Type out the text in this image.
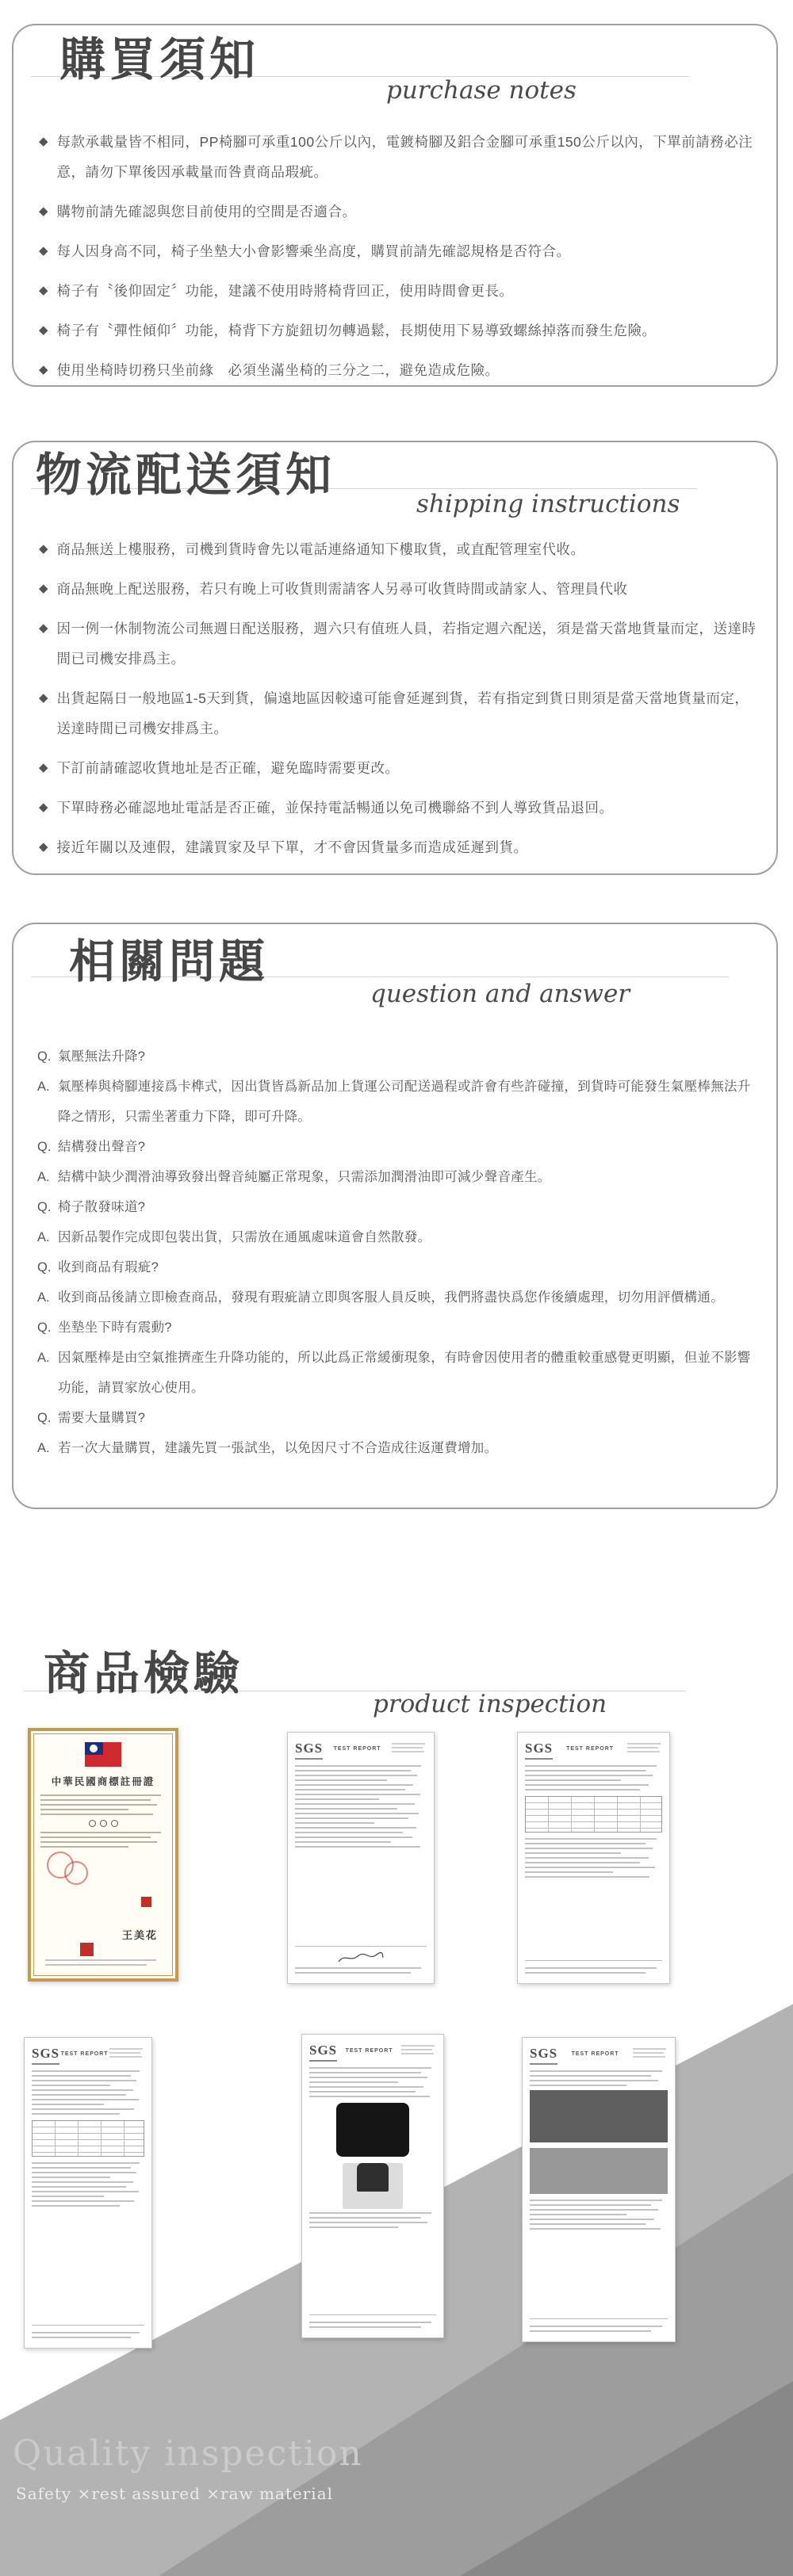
購買須知
purchase notes
◆ 每款承載量皆不相同，PP椅腳可承重100公斤以內，電鍍椅腳及鋁合金腳可承重150公斤以內，下單前請務必注意，請勿下單後因承載量而咎責商品瑕疵。
◆ 購物前請先確認與您目前使用的空間是否適合。
◆ 每人因身高不同，椅子坐墊大小會影響乘坐高度，購買前請先確認規格是否符合。
◆ 椅子有〝後仰固定〞功能，建議不使用時將椅背回正，使用時間會更長。
◆ 椅子有〝彈性傾仰〞功能，椅背下方旋鈕切勿轉過鬆，長期使用下易導致螺絲掉落而發生危險。
◆ 使用坐椅時切務只坐前緣　必須坐滿坐椅的三分之二，避免造成危險。
物流配送須知
shipping instructions
◆ 商品無送上樓服務，司機到貨時會先以電話連絡通知下樓取貨，或直配管理室代收。
◆ 商品無晚上配送服務，若只有晚上可收貨則需請客人另尋可收貨時間或請家人、管理員代收
◆ 因一例一休制物流公司無週日配送服務，週六只有值班人員，若指定週六配送，須是當天當地貨量而定，送達時間已司機安排爲主。
◆ 出貨起隔日一般地區1-5天到貨，偏遠地區因較遠可能會延遲到貨，若有指定到貨日則須是當天當地貨量而定，送達時間已司機安排爲主。
◆ 下訂前請確認收貨地址是否正確，避免臨時需要更改。
◆ 下單時務必確認地址電話是否正確，並保持電話暢通以免司機聯絡不到人導致貨品退回。
◆ 接近年關以及連假，建議買家及早下單，才不會因貨量多而造成延遲到貨。
相關問題
question and answer
Q. 氣壓無法升降?
A. 氣壓棒與椅腳連接爲卡榫式，因出貨皆爲新品加上貨運公司配送過程或許會有些許碰撞，到貨時可能發生氣壓棒無法升降之情形，只需坐著重力下降，即可升降。
Q. 結構發出聲音?
A. 結構中缺少潤滑油導致發出聲音純屬正常現象，只需添加潤滑油即可減少聲音產生。
Q. 椅子散發味道?
A. 因新品製作完成即包裝出貨，只需放在通風處味道會自然散發。
Q. 收到商品有瑕疵?
A. 收到商品後請立即檢查商品，發現有瑕疵請立即與客服人員反映，我們將盡快爲您作後續處理，切勿用評價構通。
Q. 坐墊坐下時有震動?
A. 因氣壓棒是由空氣推擠產生升降功能的，所以此爲正常緩衝現象，有時會因使用者的體重較重感覺更明顯，但並不影響功能，請買家放心使用。
Q. 需要大量購買?
A. 若一次大量購買，建議先買一張試坐，以免因尺寸不合造成往返運費增加。
商品檢驗
product inspection
中華民國商標註冊證
王美花
SGS TEST REPORT	SGS TEST REPORT
SGS TEST REPORT	SGS TEST REPORT	SGS TEST REPORT
Quality inspection
Safety ×rest assured ×raw material
